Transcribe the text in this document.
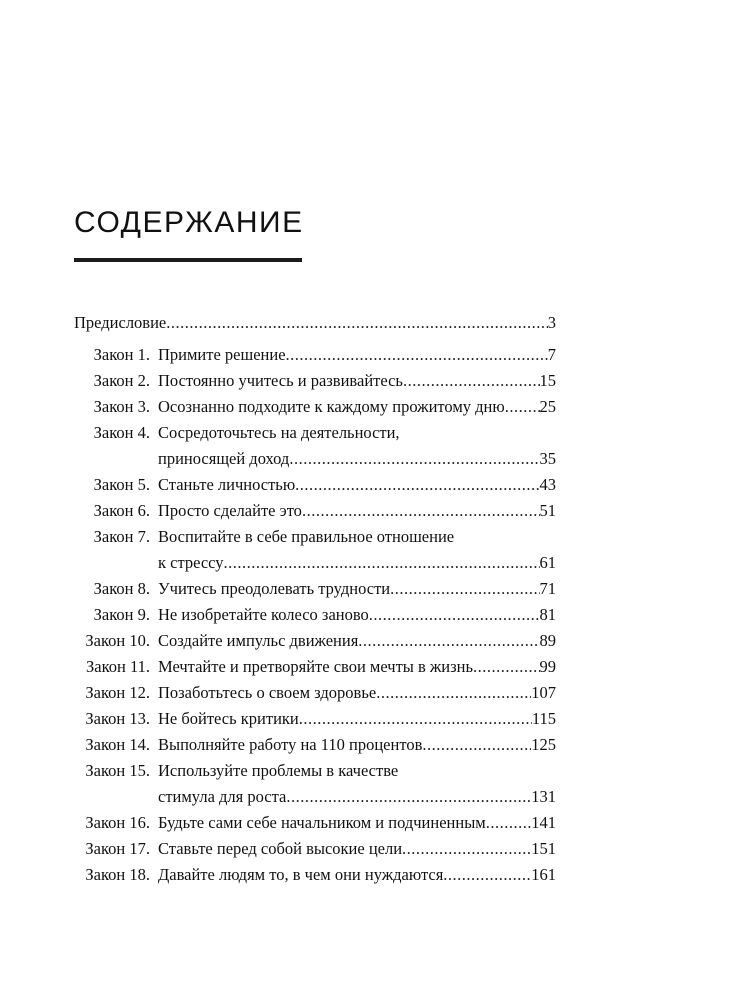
СОДЕРЖАНИЕ
Предисловие .....	3
Закон 1. Примите решение .....	7
Закон 2. Постоянно учитесь и развивайтесь .....	15
Закон 3. Осознанно подходите к каждому прожитому дню ..... 25
Закон 4. Сосредоточьтесь на деятельности,
приносящей доход .....	35
Закон 5. Станьте личностью .....	43
Закон 6. Просто сделайте это .....	51
Закон 7. Воспитайте в себе правильное отношение
к стрессу .....	61
Закон 8. Учитесь преодолевать трудности .....	71
Закон 9. Не изобретайте колесо заново .....	81
Закон 10. Создайте импульс движения .....	89
Закон 11. Мечтайте и претворяйте свои мечты в жизнь .....	99
Закон 12. Позаботьтесь о своем здоровье .....	107
Закон 13. Не бойтесь критики .....	115
Закон 14. Выполняйте работу на 110 процентов .....	125
Закон 15. Используйте проблемы в качестве
стимула для роста .....	131
Закон 16. Будьте сами себе начальником и подчиненным .....	141
Закон 17. Ставьте перед собой высокие цели .....	151
Закон 18. Давайте людям то, в чем они нуждаются .....	161
